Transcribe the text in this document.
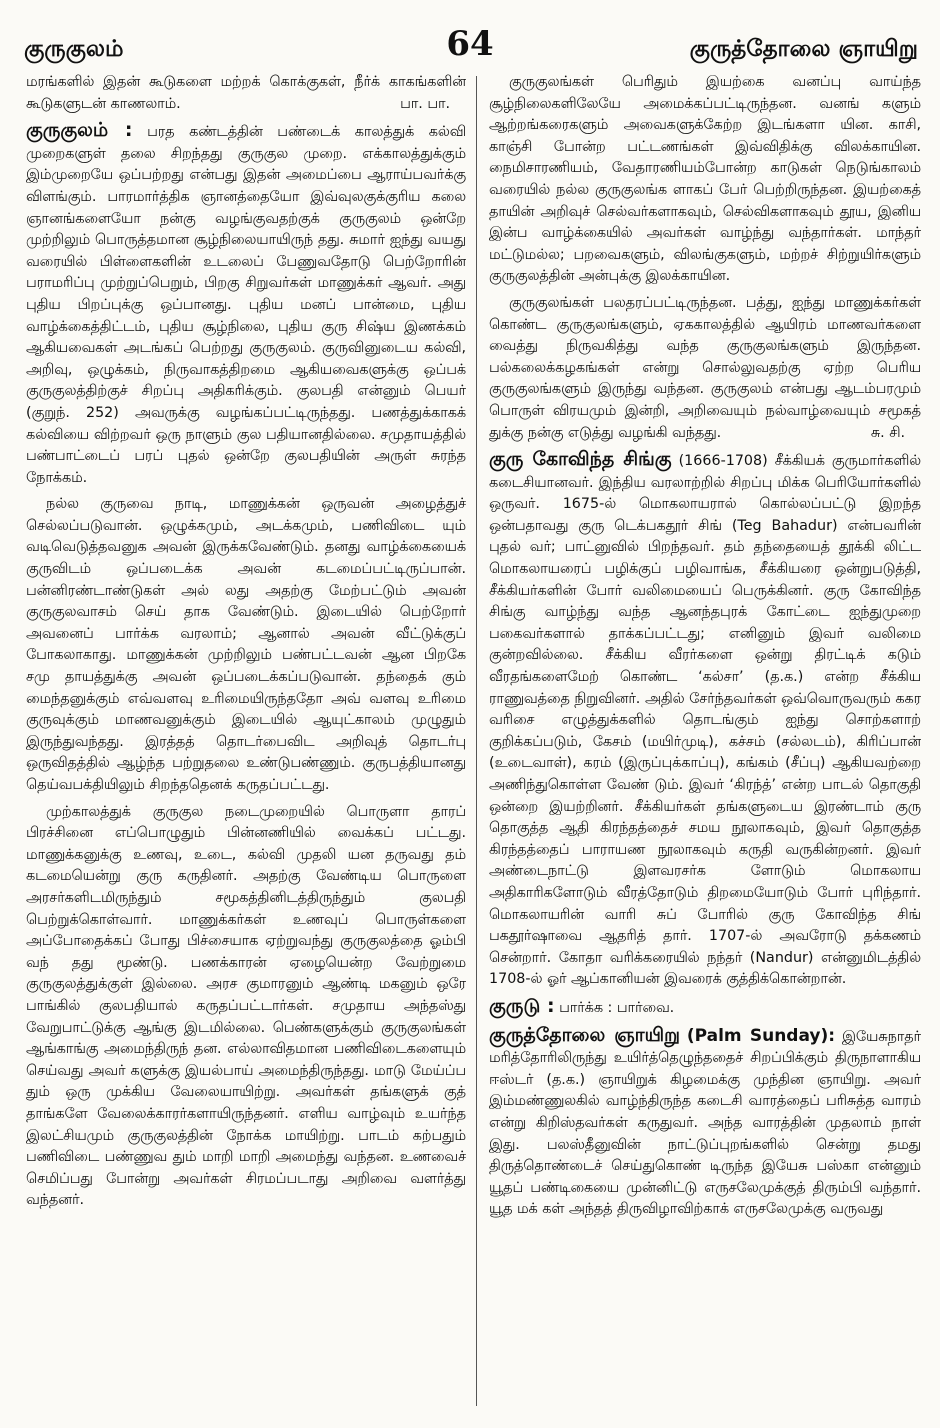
குருகுலம்	64	குருத்தோலை ஞாயிறு

மரங்களில் இதன் கூடுகளை மற்றக் கொக்குகள், நீர்க் காகங்களின் கூடுகளுடன் காணலாம்.	பா. பா.

குருகுலம் : பரத கண்டத்தின் பண்டைக் காலத்துக் கல்வி முறைகளுள் தலை சிறந்தது குருகுல முறை. எக்காலத்துக்கும் இம்முறையே ஒப்பற்றது என்பது இதன் அமைப்பை ஆராய்பவர்க்கு விளங்கும். பாரமார்த்திக ஞானத்தையோ இவ்வுலகுக்குரிய கலை ஞானங்களையோ நன்கு வழங்குவதற்குக் குருகுலம் ஒன்றே முற்றிலும் பொருத்தமான சூழ்நிலையாயிருந் தது. சுமார் ஐந்து வயது வரையில் பிள்ளைகளின் உடலைப் பேணுவதோடு பெற்றோரின் பராமரிப்பு முற்றுப்பெறும், பிறகு சிறுவர்கள் மாணுக்கர் ஆவர். அது புதிய பிறப்புக்கு ஒப்பானது. புதிய மனப் பான்மை, புதிய வாழ்க்கைத்திட்டம், புதிய சூழ்நிலை, புதிய குரு சிஷ்ய இணக்கம் ஆகியவைகள் அடங்கப் பெற்றது குருகுலம். குருவினுடைய கல்வி, அறிவு, ஒழுக்கம், நிருவாகத்திறமை ஆகியவைகளுக்கு ஒப்பக் குருகுலத்திற்குச் சிறப்பு அதிகரிக்கும். குலபதி என்னும் பெயர் (குறுந். 252) அவருக்கு வழங்கப்பட்டிருந்தது. பணத்துக்காகக் கல்வியை விற்றவர் ஒரு நாளும் குல பதியானதில்லை. சமுதாயத்தில் பண்பாட்டைப் பரப் புதல் ஒன்றே குலபதியின் அருள் சுரந்த நோக்கம்.

நல்ல குருவை நாடி, மாணுக்கன் ஒருவன் அழைத்துச் செல்லப்படுவான். ஒழுக்கமும், அடக்கமும், பணிவிடை யும் வடிவெடுத்தவனுக அவன் இருக்கவேண்டும். தனது வாழ்க்கையைக் குருவிடம் ஒப்படைக்க அவன் கடமைப்பட்டிருப்பான். பன்னிரண்டாண்டுகள் அல் லது அதற்கு மேற்பட்டும் அவன் குருகுலவாசம் செய் தாக வேண்டும். இடையில் பெற்றோர் அவனைப் பார்க்க வரலாம்; ஆனால் அவன் வீட்டுக்குப் போகலாகாது. மாணுக்கன் முற்றிலும் பண்பட்டவன் ஆன பிறகே சமு தாயத்துக்கு அவன் ஒப்படைக்கப்படுவான். தந்தைக் கும் மைந்தனுக்கும் எவ்வளவு உரிமையிருந்ததோ அவ் வளவு உரிமை குருவுக்கும் மாணவனுக்கும் இடையில் ஆயுட்காலம் முழுதும் இருந்துவந்தது. இரத்தத் தொடர்பைவிட அறிவுத் தொடர்பு ஒருவிதத்தில் ஆழ்ந்த பற்றுதலை உண்டுபண்ணும். குருபத்தியானது தெய்வபக்தியிலும் சிறந்ததெனக் கருதப்பட்டது.

முற்காலத்துக் குருகுல நடைமுறையில் பொருளா தாரப் பிரச்சினை எப்பொழுதும் பின்னணியில் வைக்கப் பட்டது. மாணுக்கனுக்கு உணவு, உடை, கல்வி முதலி யன தருவது தம் கடமையென்று குரு கருதினர். அதற்கு வேண்டிய பொருளை அரசர்களிடமிருந்தும் சமூகத்தினிடத்திருந்தும் குலபதி பெற்றுக்கொள்வார். மாணுக்கர்கள் உணவுப் பொருள்களை அப்போதைக்கப் போது பிச்சையாக ஏற்றுவந்து குருகுலத்தை ஓம்பி வந் தது மூண்டு. பணக்காரன் ஏழையென்ற வேற்றுமை குருகுலத்துக்குள் இல்லை. அரச குமாரனும் ஆண்டி மகனும் ஒரே பாங்கில் குலபதியால் கருதப்பட்டார்கள். சமுதாய அந்தஸ்து வேறுபாட்டுக்கு ஆங்கு இடமில்லை. பெண்களுக்கும் குருகுலங்கள் ஆங்காங்கு அமைந்திருந் தன. எல்லாவிதமான பணிவிடைகளையும் செய்வது அவர் களுக்கு இயல்பாய் அமைந்திருந்தது. மாடு மேய்ப்ப தும் ஒரு முக்கிய வேலையாயிற்று. அவர்கள் தங்களுக் குத் தாங்களே வேலைக்காரர்களாயிருந்தனர். எளிய வாழ்வும் உயர்ந்த இலட்சியமும் குருகுலத்தின் நோக்க மாயிற்று. பாடம் கற்பதும் பணிவிடை பண்ணுவ தும் மாறி மாறி அமைந்து வந்தன. உணவைச் செமிப்பது போன்று அவர்கள் சிரமப்படாது அறிவை வளர்த்து வந்தனர்.

குருகுலங்கள் பெரிதும் இயற்கை வனப்பு வாய்ந்த சூழ்நிலைகளிலேயே அமைக்கப்பட்டிருந்தன. வனங் களும் ஆற்றங்கரைகளும் அவைகளுக்கேற்ற இடங்களா யின. காசி, காஞ்சி போன்ற பட்டணங்கள் இவ்விதிக்கு விலக்காயின. நைமிசாரணியம், வேதாரணியம்போன்ற காடுகள் நெடுங்காலம் வரையில் நல்ல குருகுலங்க ளாகப் பேர் பெற்றிருந்தன. இயற்கைத் தாயின் அறிவுச் செல்வர்களாகவும், செல்விகளாகவும் தூய, இனிய இன்ப வாழ்க்கையில் அவர்கள் வாழ்ந்து வந்தார்கள். மாந்தர் மட்டுமல்ல; பறவைகளும், விலங்குகளும், மற்றச் சிற்றுயிர்களும் குருகுலத்தின் அன்புக்கு இலக்காயின.

குருகுலங்கள் பலதரப்பட்டிருந்தன. பத்து, ஐந்து மாணுக்கர்கள் கொண்ட குருகுலங்களும், ஏககாலத்தில் ஆயிரம் மாணவர்களை வைத்து நிருவகித்து வந்த குருகுலங்களும் இருந்தன. பல்கலைக்கழகங்கள் என்று சொல்லுவதற்கு ஏற்ற பெரிய குருகுலங்களும் இருந்து வந்தன. குருகுலம் என்பது ஆடம்பரமும் பொருள் விரயமும் இன்றி, அறிவையும் நல்வாழ்வையும் சமூகத் துக்கு நன்கு எடுத்து வழங்கி வந்தது.	சு. சி.

குரு கோவிந்த சிங்கு (1666-1708) சீக்கியக் குருமார்களில் கடைசியானவர். இந்திய வரலாற்றில் சிறப்பு மிக்க பெரியோர்களில் ஒருவர். 1675-ல் மொகலாயரால் கொல்லப்பட்டு இறந்த ஒன்பதாவது குரு டெக்பகதூர் சிங் (Teg Bahadur) என்பவரின் புதல் வர்; பாட்னுவில் பிறந்தவர். தம் தந்தையைத் தூக்கி லிட்ட மொகலாயரைப் பழிக்குப் பழிவாங்க, சீக்கியரை ஒன்றுபடுத்தி, சீக்கியர்களின் போர் வலிமையைப் பெருக்கினர். குரு கோவிந்த சிங்கு வாழ்ந்து வந்த ஆனந்தபுரக் கோட்டை ஐந்துமுறை பகைவர்களால் தாக்கப்பட்டது; எனினும் இவர் வலிமை குன்றவில்லை. சீக்கிய வீரர்களை ஒன்று திரட்டிக் கடும் வீரதங்களைமேற் கொண்ட ‘கல்சா’ (த.க.) என்ற சீக்கிய ராணுவத்தை நிறுவினர். அதில் சேர்ந்தவர்கள் ஒவ்வொருவரும் ககர வரிசை எழுத்துக்களில் தொடங்கும் ஐந்து சொற்களாற் குறிக்கப்படும், கேசம் (மயிர்முடி), கச்சம் (சல்லடம்), கிரிப்பான் (உடைவாள்), கரம் (இருப்புக்காப்பு), கங்கம் (சீப்பு) ஆகியவற்றை அணிந்துகொள்ள வேண் டும். இவர் ‘கிரந்த்’ என்ற பாடல் தொகுதி ஒன்றை இயற்றினர். சீக்கியர்கள் தங்களுடைய இரண்டாம் குரு தொகுத்த ஆதி கிரந்தத்தைச் சமய நூலாகவும், இவர் தொகுத்த கிரந்தத்தைப் பாராயண நூலாகவும் கருதி வருகின்றனர். இவர் அண்டைநாட்டு இளவரசர்க ளோடும் மொகலாய அதிகாரிகளோடும் வீரத்தோடும் திறமையோடும் போர் புரிந்தார். மொகலாயரின் வாரி சுப் போரில் குரு கோவிந்த சிங் பகதூர்ஷாவை ஆதரித் தார். 1707-ல் அவரோடு தக்கணம் சென்றார். கோதா வரிக்கரையில் நந்தர் (Nandur) என்னுமிடத்தில் 1708-ல் ஓர் ஆப்கானியன் இவரைக் குத்திக்கொன்றான்.

குருடு : பார்க்க : பார்வை.

குருத்தோலை ஞாயிறு (Palm Sunday): இயேசுநாதர் மரித்தோரிலிருந்து உயிர்த்தெழுந்ததைச் சிறப்பிக்கும் திருநாளாகிய ஈஸ்டர் (த.க.) ஞாயிறுக் கிழமைக்கு முந்தின ஞாயிறு. அவர் இம்மண்ணுலகில் வாழ்ந்திருந்த கடைசி வாரத்தைப் பரிசுத்த வாரம் என்று கிறிஸ்தவர்கள் கருதுவர். அந்த வாரத்தின் முதலாம் நாள் இது. பலஸ்தீனுவின் நாட்டுப்புறங்களில் சென்று தமது திருத்தொண்டைச் செய்துகொண் டிருந்த இயேசு பஸ்கா என்னும் யூதப் பண்டிகையை முன்னிட்டு எருசலேமுக்குத் திரும்பி வந்தார். யூத மக் கள் அந்தத் திருவிழாவிற்காக் எருசலேமுக்கு வருவது
